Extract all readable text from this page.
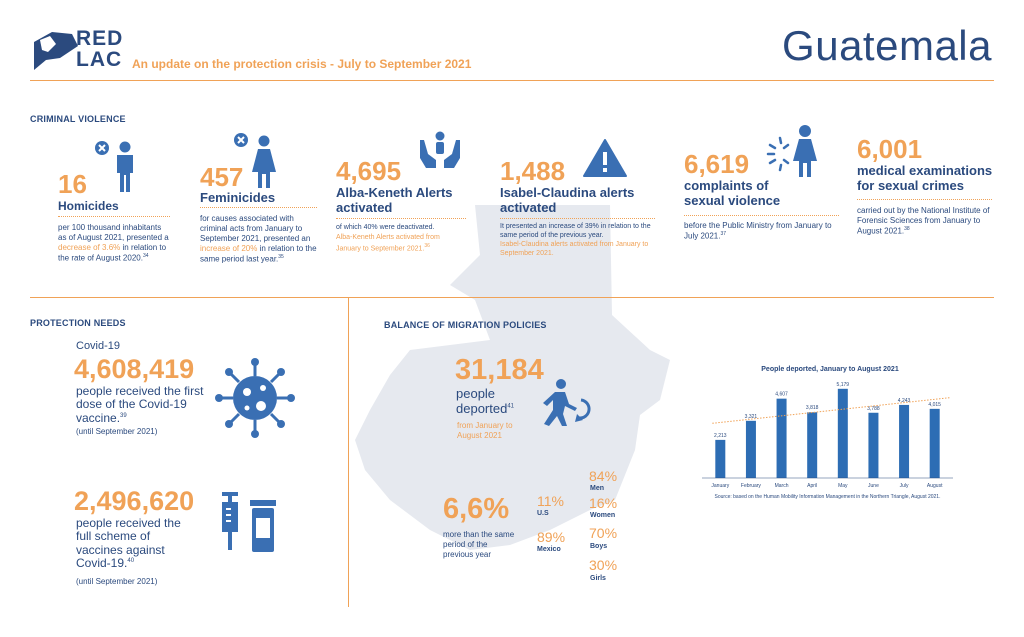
RED
LAC An update on the protection crisis - July to September 2021	Guatemala
CRIMINAL VIOLENCE
16
Homicides
per 100 thousand inhabitants as of August 2021, presented a decrease of 3.6% in relation to the rate of August 2020.34
457
Feminicides
for causes associated with criminal acts from January to September 2021, presented an increase of 20% in relation to the same period last year.$^{35}$
4,695
Alba-Keneth Alerts activated
of which 40% were deactivated.
Alba-Keneth Alerts activated from January to September 2021.36
1,488
Isabel-Claudina alerts activated
It presented an increase of 39% in relation to the same period of the previous year.
Isabel-Claudina alerts activated from January to September 2021.
6,619
complaints of sexual violence
before the Public Ministry from January to July 2021.37
6,001
medical examinations for sexual crimes
carried out by the National Institute of Forensic Sciences from January to August 2021.38
PROTECTION NEEDS
Covid-19
4,608,419
people received the first dose of the Covid-19 vaccine.$^{39}$
(until September 2021)
2,496,620
people received the full scheme of vaccines against Covid-19.40
(until September 2021)
BALANCE OF MIGRATION POLICIES
31,184
people deported$^{41}$
from January to August 2021
6,6%
more than the same period of the previous year
11%
U.S
89%
Mexico
84%
Men
16%
Women
70%
Boys
30%
Girls
People deported, January to August 2021
2,213
January
3,321
February
4,607
March
3,818
April
5,179
May
3,788
June
4,243
July
4,015
August
Source: based on the Human Mobility Information Management in the Northern Triangle, August 2021.
